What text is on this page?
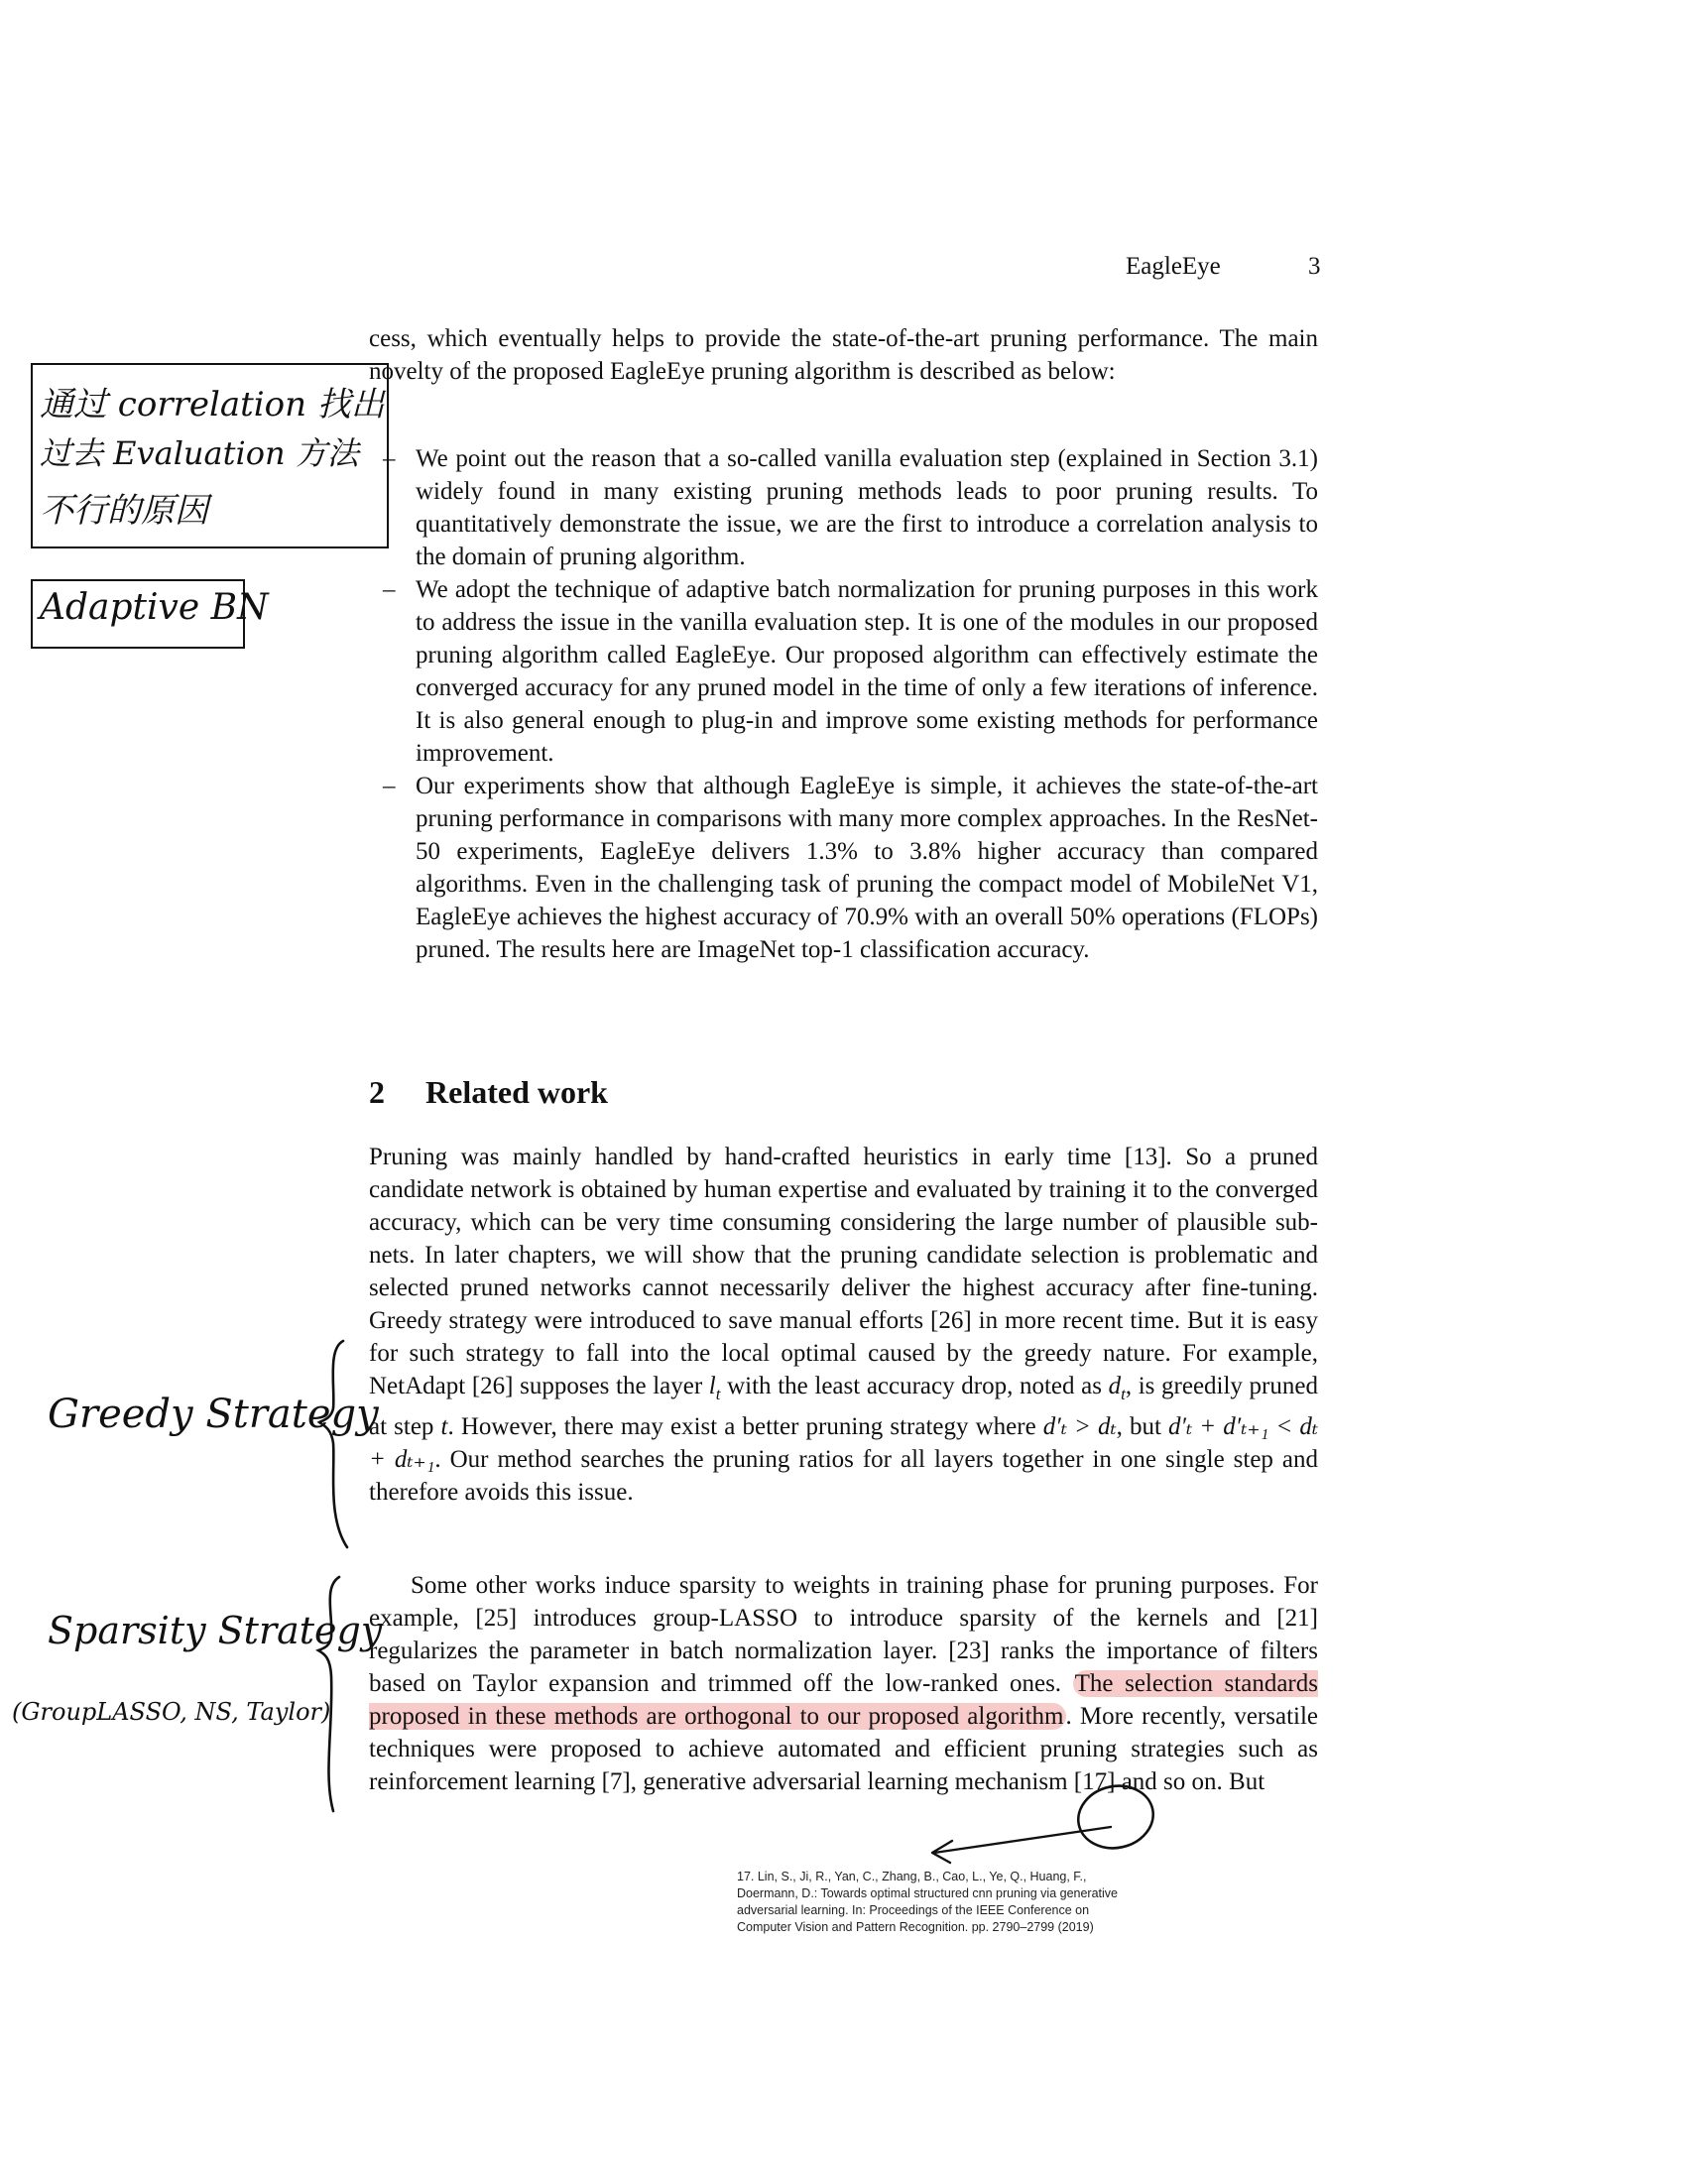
EagleEye	3

cess, which eventually helps to provide the state-of-the-art pruning performance. The main novelty of the proposed EagleEye pruning algorithm is described as below:

– We point out the reason that a so-called vanilla evaluation step (explained in Section 3.1) widely found in many existing pruning methods leads to poor pruning results. To quantitatively demonstrate the issue, we are the first to introduce a correlation analysis to the domain of pruning algorithm.
– We adopt the technique of adaptive batch normalization for pruning purposes in this work to address the issue in the vanilla evaluation step. It is one of the modules in our proposed pruning algorithm called EagleEye. Our proposed algorithm can effectively estimate the converged accuracy for any pruned model in the time of only a few iterations of inference. It is also general enough to plug-in and improve some existing methods for performance improvement.
– Our experiments show that although EagleEye is simple, it achieves the state-of-the-art pruning performance in comparisons with many more complex approaches. In the ResNet-50 experiments, EagleEye delivers 1.3% to 3.8% higher accuracy than compared algorithms. Even in the challenging task of pruning the compact model of MobileNet V1, EagleEye achieves the highest accuracy of 70.9% with an overall 50% operations (FLOPs) pruned. The results here are ImageNet top-1 classification accuracy.
2 Related work

Pruning was mainly handled by hand-crafted heuristics in early time [13]. So a pruned candidate network is obtained by human expertise and evaluated by training it to the converged accuracy, which can be very time consuming considering the large number of plausible sub-nets. In later chapters, we will show that the pruning candidate selection is problematic and selected pruned networks cannot necessarily deliver the highest accuracy after fine-tuning. Greedy strategy were introduced to save manual efforts [26] in more recent time. But it is easy for such strategy to fall into the local optimal caused by the greedy nature. For example, NetAdapt [26] supposes the layer $l_t$ with the least accuracy drop, noted as $d_t$, is greedily pruned at step t. However, there may exist a better pruning strategy where d′ₜ > dₜ, but d′ₜ + d′ₜ₊₁ < dₜ + dₜ₊₁. Our method searches the pruning ratios for all layers together in one single step and therefore avoids this issue.

Some other works induce sparsity to weights in training phase for pruning purposes. For example, [25] introduces group-LASSO to introduce sparsity of the kernels and [21] regularizes the parameter in batch normalization layer. [23] ranks the importance of filters based on Taylor expansion and trimmed off the low-ranked ones. The selection standards proposed in these methods are orthogonal to our proposed algorithm. More recently, versatile techniques were proposed to achieve automated and efficient pruning strategies such as reinforcement learning [7], generative adversarial learning mechanism [17] and so on. But

17. Lin, S., Ji, R., Yan, C., Zhang, B., Cao, L., Ye, Q., Huang, F., Doermann, D.: Towards optimal structured cnn pruning via generative adversarial learning. In: Proceedings of the IEEE Conference on Computer Vision and Pattern Recognition. pp. 2790–2799 (2019)
通过 correlation 找出
过去 Evaluation 方法
不行的原因
Adaptive BN
Greedy Strategy
Sparsity Strategy
(GroupLASSO, NS, Taylor)
